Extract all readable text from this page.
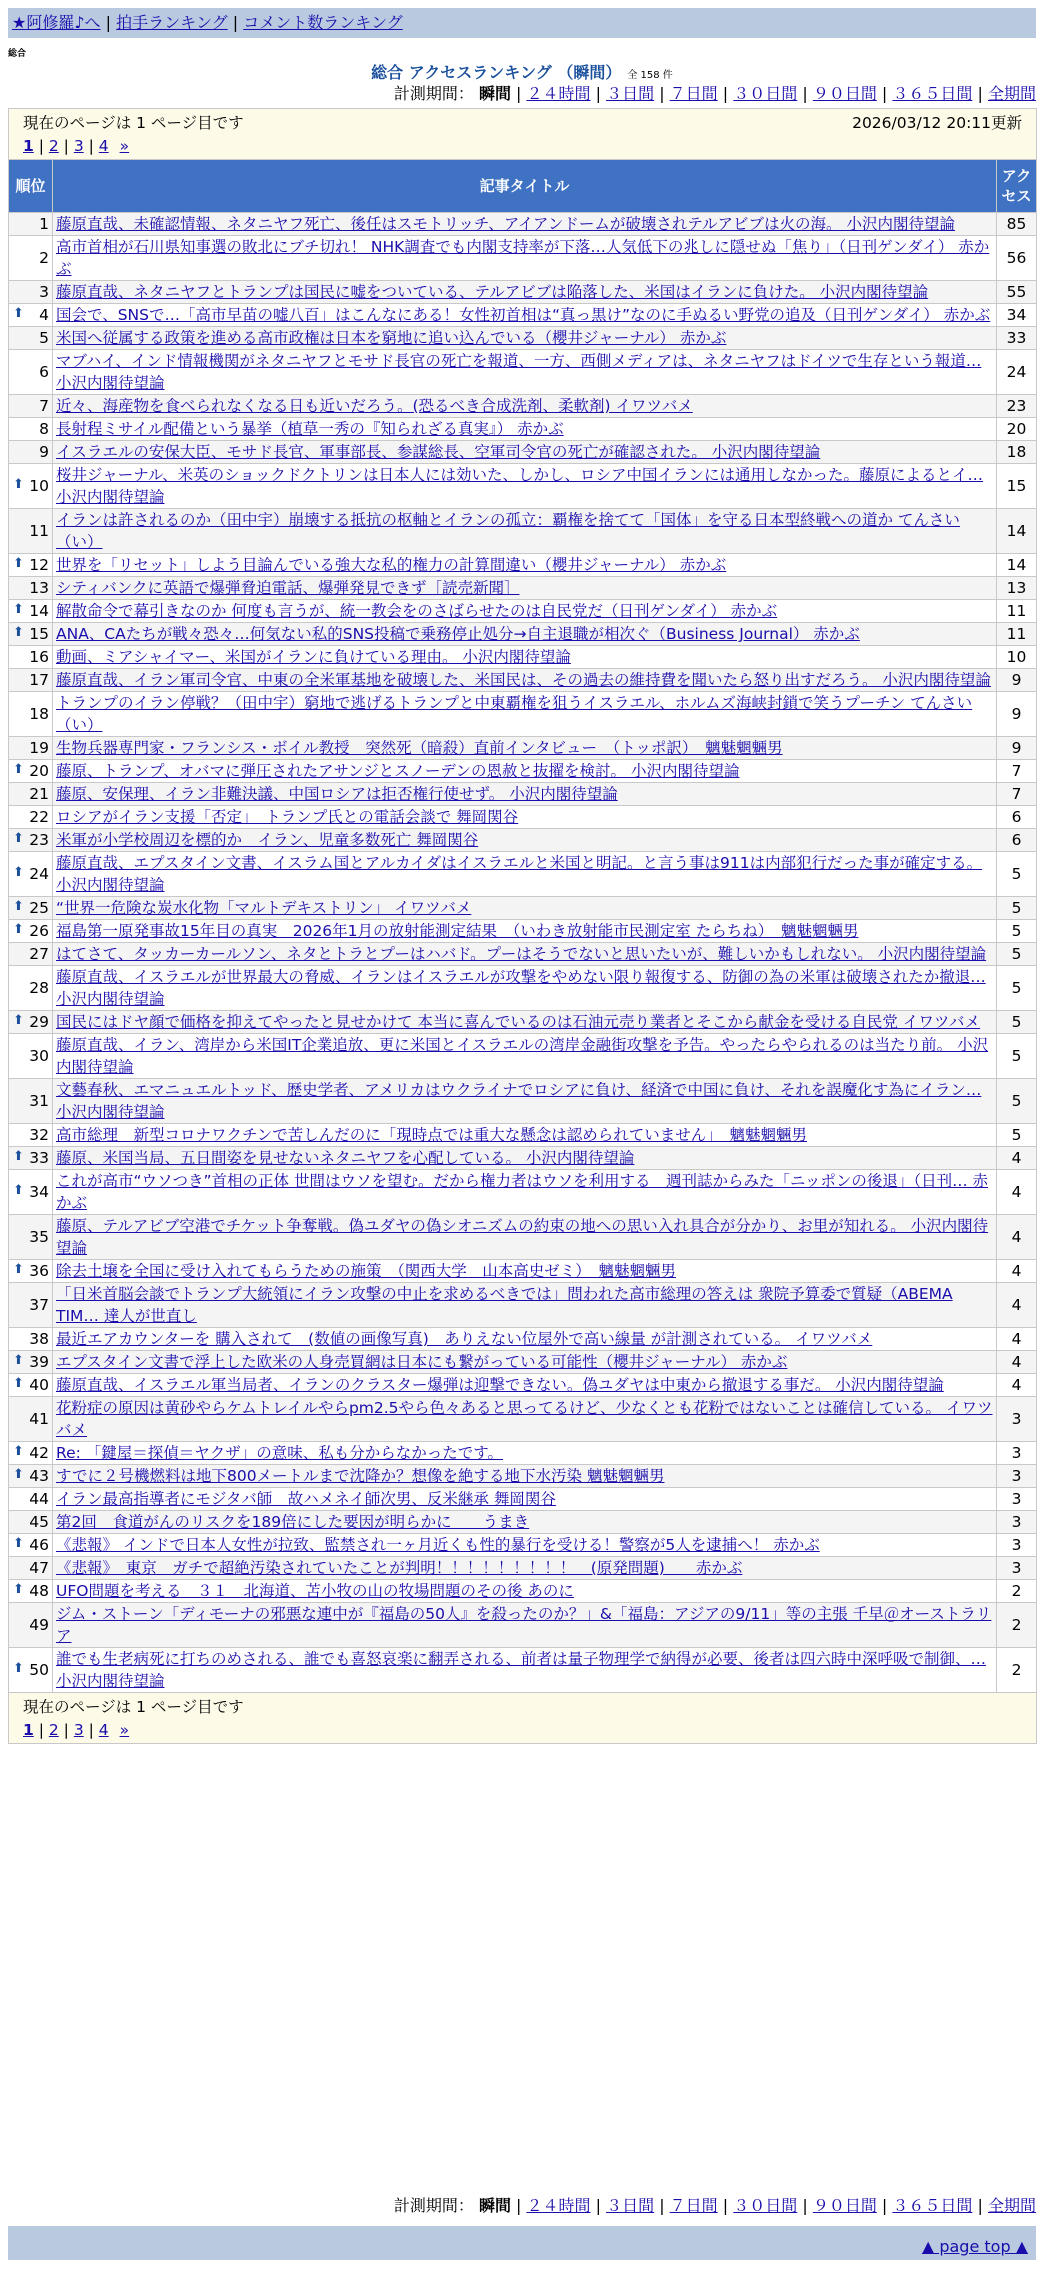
★阿修羅♪へ | 拍手ランキング | コメント数ランキング
総合
総合 アクセスランキング （瞬間） 全 158 件
計測期間： 瞬間 | ２４時間 | ３日間 | ７日間 | ３０日間 | ９０日間 | ３６５日間 | 全期間
現在のページは 1 ページ目です 2026/03/12 20:11更新
1 | 2 | 3 | 4 »		

順位	記事タイトル	アクセス
1	藤原直哉、未確認情報、ネタニヤフ死亡、後任はスモトリッチ、アイアンドームが破壊されテルアビブは火の海。 小沢内閣待望論	85
2	高市首相が石川県知事選の敗北にブチ切れ！ NHK調査でも内閣支持率が下落…人気低下の兆しに隠せぬ「焦り」（日刊ゲンダイ） 赤かぶ	56
3	藤原直哉、ネタニヤフとトランプは国民に嘘をついている、テルアビブは陥落した、米国はイランに負けた。 小沢内閣待望論	55

⬆ 4	国会で、SNSで…「高市早苗の嘘八百」はこんなにある！女性初首相は“真っ黒け”なのに手ぬるい野党の追及（日刊ゲンダイ） 赤かぶ	34
5	米国へ従属する政策を進める高市政権は日本を窮地に追い込んでいる（櫻井ジャーナル） 赤かぶ	33
6	マブハイ、インド情報機関がネタニヤフとモサド長官の死亡を報道、一方、西側メディアは、ネタニヤフはドイツで生存という報道… 小沢内閣待望論	24
7	近々、海産物を食べられなくなる日も近いだろう。(恐るべき合成洗剤、柔軟剤) イワツバメ	23
8	長射程ミサイル配備という暴挙（植草一秀の『知られざる真実』） 赤かぶ	20
9	イスラエルの安保大臣、モサド長官、軍事部長、参謀総長、空軍司令官の死亡が確認された。 小沢内閣待望論	18

⬆ 10	桜井ジャーナル、米英のショックドクトリンは日本人には効いた、しかし、ロシア中国イランには通用しなかった。藤原によるとイ… 小沢内閣待望論	15
11	イランは許されるのか（田中宇）崩壊する抵抗の枢軸とイランの孤立：覇権を捨てて「国体」を守る日本型終戦への道か てんさい（い）	14

⬆ 12	世界を「リセット」しよう目論んでいる強大な私的権力の計算間違い（櫻井ジャーナル） 赤かぶ	14
13	シティバンクに英語で爆弾脅迫電話、爆弾発見できず［読売新聞］	13

⬆ 14	解散命令で幕引きなのか 何度も言うが、統一教会をのさばらせたのは自民党だ（日刊ゲンダイ） 赤かぶ	11

⬆ 15	ANA、CAたちが戦々恐々…何気ない私的SNS投稿で乗務停止処分→自主退職が相次ぐ（Business Journal） 赤かぶ	11
16	動画、ミアシャイマー、米国がイランに負けている理由。 小沢内閣待望論	10
17	藤原直哉、イラン軍司令官、中東の全米軍基地を破壊した、米国民は、その過去の維持費を聞いたら怒り出すだろう。 小沢内閣待望論	9
18	トランプのイラン停戦？（田中宇）窮地で逃げるトランプと中東覇権を狙うイスラエル、ホルムズ海峡封鎖で笑うプーチン てんさい（い）	9
19	生物兵器専門家・フランシス・ボイル教授　突然死（暗殺）直前インタビュー　（トッポ訳）　魑魅魍魎男	9

⬆ 20	藤原、トランプ、オバマに弾圧されたアサンジとスノーデンの恩赦と抜擢を検討。 小沢内閣待望論	7
21	藤原、安保理、イラン非難決議、中国ロシアは拒否権行使せず。 小沢内閣待望論	7
22	ロシアがイラン支援「否定」　トランプ氏との電話会談で 舞岡関谷	6

⬆ 23	米軍が小学校周辺を標的か　イラン、児童多数死亡 舞岡関谷	6

⬆ 24	藤原直哉、エプスタイン文書、イスラム国とアルカイダはイスラエルと米国と明記。と言う事は911は内部犯行だった事が確定する。 小沢内閣待望論	5

⬆ 25	“世界一危険な炭水化物「マルトデキストリン」 イワツバメ	5

⬆ 26	福島第一原発事故15年目の真実　2026年1月の放射能測定結果　（いわき放射能市民測定室 たらちね）　魑魅魍魎男	5
27	はてさて、タッカーカールソン、ネタとトラとプーはハバド。プーはそうでないと思いたいが、難しいかもしれない。 小沢内閣待望論	5
28	藤原直哉、イスラエルが世界最大の脅威、イランはイスラエルが攻撃をやめない限り報復する、防御の為の米軍は破壊されたか撤退… 小沢内閣待望論	5

⬆ 29	国民にはドヤ顔で価格を抑えてやったと見せかけて 本当に喜んでいるのは石油元売り業者とそこから献金を受ける自民党 イワツバメ	5
30	藤原直哉、イラン、湾岸から米国IT企業追放、更に米国とイスラエルの湾岸金融街攻撃を予告。やったらやられるのは当たり前。 小沢内閣待望論	5
31	文藝春秋、エマニュエルトッド、歴史学者、アメリカはウクライナでロシアに負け、経済で中国に負け、それを誤魔化す為にイラン… 小沢内閣待望論	5
32	高市総理　新型コロナワクチンで苦しんだのに「現時点では重大な懸念は認められていません」　魑魅魍魎男	5

⬆ 33	藤原、米国当局、五日間姿を見せないネタニヤフを心配している。 小沢内閣待望論	4

⬆ 34	これが高市“ウソつき”首相の正体 世間はウソを望む。だから権力者はウソを利用する　週刊誌からみた「ニッポンの後退」（日刊… 赤かぶ	4
35	藤原、テルアビブ空港でチケット争奪戦。偽ユダヤの偽シオニズムの約束の地への思い入れ具合が分かり、お里が知れる。 小沢内閣待望論	4

⬆ 36	除去土壌を全国に受け入れてもらうための施策　（関西大学　山本高史ゼミ）　魑魅魍魎男	4
37	「日米首脳会談でトランプ大統領にイラン攻撃の中止を求めるべきでは」問われた高市総理の答えは 衆院予算委で質疑（ABEMA TIM… 達人が世直し	4
38	最近エアカウンターを 購入されて　(数値の画像写真)　ありえない位屋外で高い線量 が計測されている。 イワツバメ	4

⬆ 39	エプスタイン文書で浮上した欧米の人身売買網は日本にも繋がっている可能性（櫻井ジャーナル） 赤かぶ	4

⬆ 40	藤原直哉、イスラエル軍当局者、イランのクラスター爆弾は迎撃できない。偽ユダヤは中東から撤退する事だ。 小沢内閣待望論	4
41	花粉症の原因は黄砂やらケムトレイルやらpm2.5やら色々あると思ってるけど、少なくとも花粉ではないことは確信している。 イワツバメ	3

⬆ 42	Re: 「鍵屋＝探偵＝ヤクザ」の意味、私も分からなかったです。	3

⬆ 43	すでに２号機燃料は地下800メートルまで沈降か？想像を絶する地下水汚染 魑魅魍魎男	3
44	イラン最高指導者にモジタバ師　故ハメネイ師次男、反米継承 舞岡関谷	3
45	第2回　食道がんのリスクを189倍にした要因が明らかに　　うまき	3

⬆ 46	《悲報》 インドで日本人女性が拉致、監禁され一ヶ月近くも性的暴行を受ける！警察が5人を逮捕へ！ 赤かぶ	3
47	《悲報》　東京　ガチで超絶汚染されていたことが判明！！！！！！！！！　(原発問題)　　赤かぶ	3

⬆ 48	UFO問題を考える　３１　北海道、苫小牧の山の牧場問題のその後 あのに	2
49	ジム・ストーン「ディモーナの邪悪な連中が『福島の50人』を殺ったのか？」&「福島：アジアの9/11」等の主張 千早＠オーストラリア	2

⬆ 50	誰でも生老病死に打ちのめされる、誰でも喜怒哀楽に翻弄される、前者は量子物理学で納得が必要、後者は四六時中深呼吸で制御、… 小沢内閣待望論	2

現在のページは 1 ページ目です
1 | 2 | 3 | 4 »		
計測期間： 瞬間 | ２４時間 | ３日間 | ７日間 | ３０日間 | ９０日間 | ３６５日間 | 全期間
▲ page top ▲
